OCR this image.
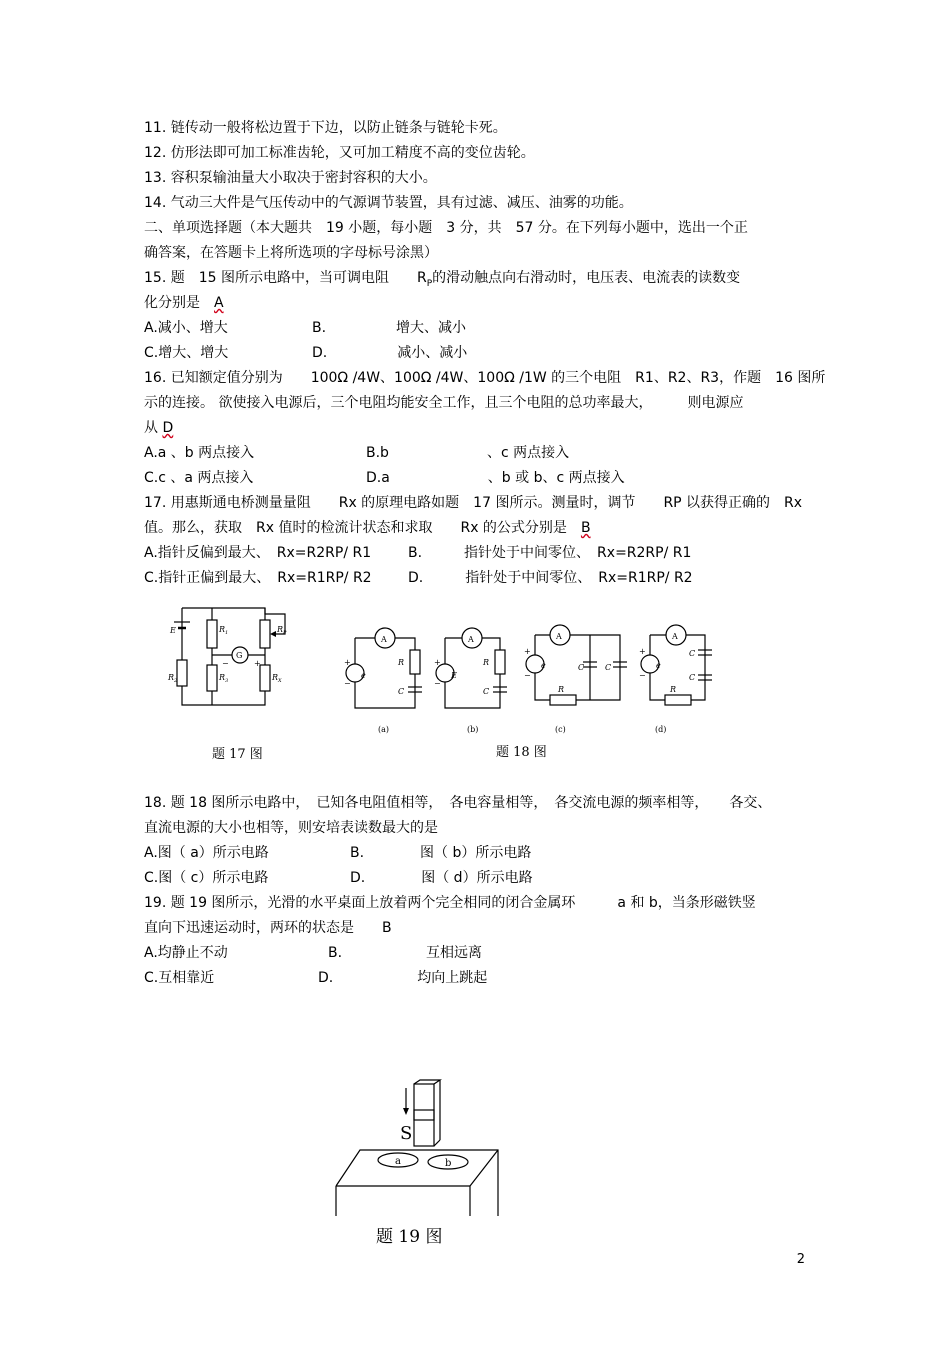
11. 链传动一般将松边置于下边，以防止链条与链轮卡死。
12. 仿形法即可加工标准齿轮，又可加工精度不高的变位齿轮。
13. 容积泵输油量大小取决于密封容积的大小。
14. 气动三大件是气压传动中的气源调节装置，具有过滤、减压、油雾的功能。
二、单项选择题（本大题共　19 小题，每小题　3 分，共　57 分。在下列每小题中，选出一个正
确答案，在答题卡上将所选项的字母标号涂黑）
15. 题　15 图所示电路中，当可调电阻　　$R_P$的滑动触点向右滑动时，电压表、电流表的读数变
化分别是　 A
A.减小、增大	B.　　　　　增大、减小
C.增大、增大	D.　　　　　减小、减小
16. 已知额定值分别为　　100Ω /4W、100Ω /4W、100Ω /1W 的三个电阻　R1、R2、R3，作题　16 图所
示的连接。 欲使接入电源后，三个电阻均能安全工作，且三个电阻的总功率最大，　　　则电源应
从 D
A.a 、b 两点接入	B.b　　　　　　　、c 两点接入
C.c 、a 两点接入	D.a　　　　　　　、b 或 b、c 两点接入
17. 用惠斯通电桥测量量阻　　Rx 的原理电路如题　17 图所示。测量时，调节　　RP 以获得正确的　Rx
值。那么，获取　Rx 值时的检流计状态和求取　　Rx 的公式分别是　 B
A.指针反偏到最大、　Rx=R2RP/ R1	B.　　　指针处于中间零位、　Rx=R2RP/ R1
C.指针正偏到最大、　Rx=R1RP/ R2	D.　　　指针处于中间零位、　Rx=R1RP/ R2
E	$R_1$	$R_P$
G
−	+
$R_2$	$R_3$	$R_X$
题 17 图
A	A	A	A
R
C
e
+
−
R
C
E
+
−
C	C
R
e
+
−
C
C
R
e
+
−
(a)	(b)	(c)	(d)
题 18 图
18. 题 18 图所示电路中，　已知各电阻值相等，　各电容量相等，　各交流电源的频率相等，　　各交、
直流电源的大小也相等，则安培表读数最大的是
A.图（ a）所示电路	B.　　　　图（ b）所示电路
C.图（ c）所示电路	D.　　　　图（ d）所示电路
19. 题 19 图所示，光滑的水平桌面上放着两个完全相同的闭合金属环　　　a 和 b，当条形磁铁竖
直向下迅速运动时，两环的状态是　　B
A.均静止不动	B.　　　　　　互相远离
C.互相靠近	D.　　　　　　均向上跳起
S
a	b
题 19 图
2
